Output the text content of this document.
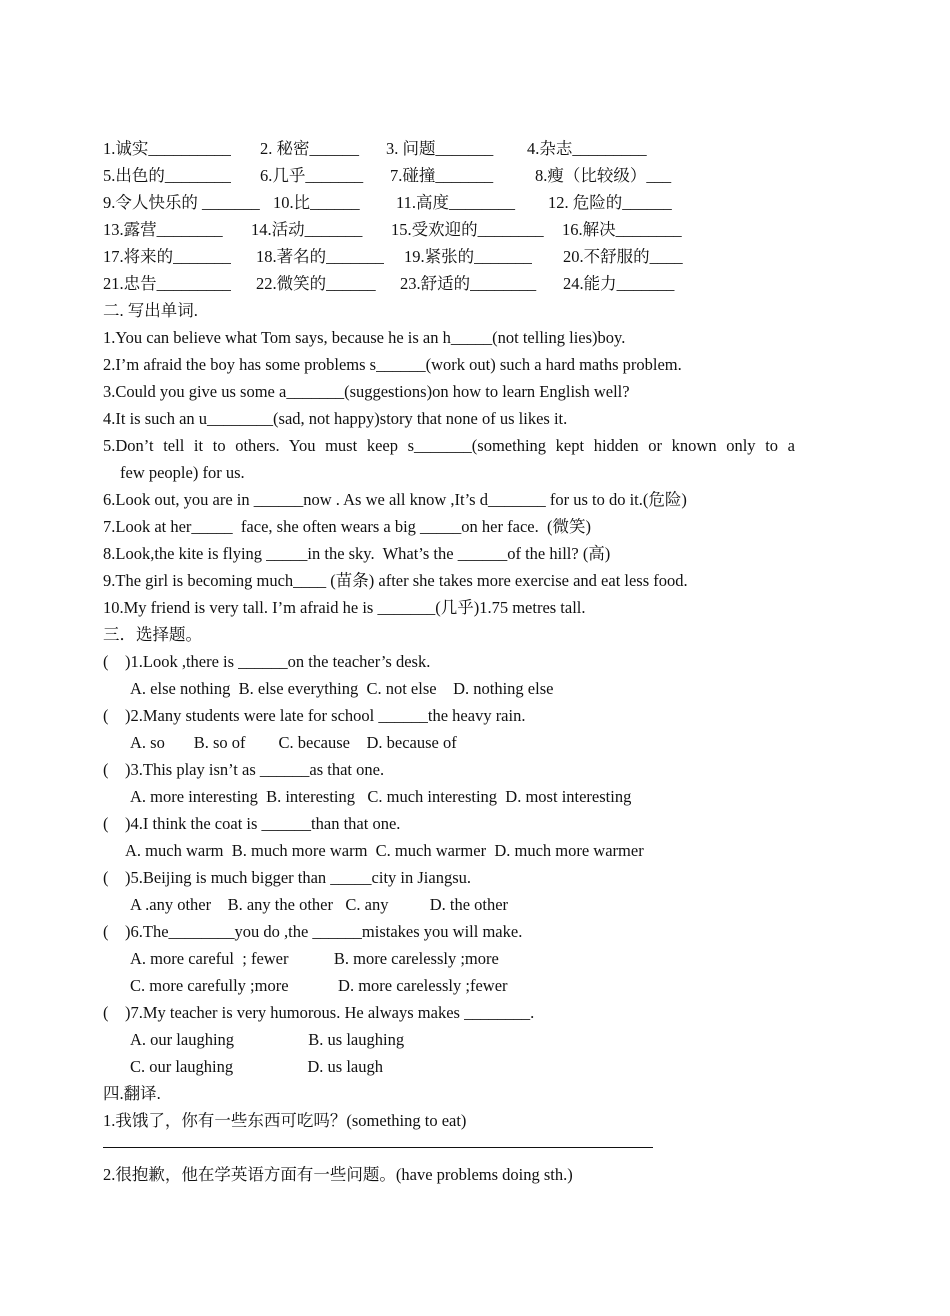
1.诚实__________ 2. 秘密______ 3. 问题_______ 4.杂志_________
5.出色的________ 6.几乎_______ 7.碰撞_______	8.瘦（比较级）___
9.令人快乐的 _______ 10.比______ 11.高度________ 12. 危险的______
13.露营________ 14.活动_______ 15.受欢迎的________ 16.解决________
17.将来的_______ 18.著名的_______ 19.紧张的_______ 20.不舒服的____
21.忠告_________ 22.微笑的______ 23.舒适的________ 24.能力_______
二. 写出单词.
1.You can believe what Tom says, because he is an h_____(not telling lies)boy.
2.I’m afraid the boy has some problems s______(work out) such a hard maths problem.
3.Could you give us some a_______(suggestions)on how to learn English well?
4.It is such an u________(sad, not happy)story that none of us likes it.
5.Don’t tell it to others. You must keep s_______(something kept hidden or known only to a
few people) for us.
6.Look out, you are in ______now . As we all know ,It’s d_______ for us to do it.(危险)
7.Look at her_____  face, she often wears a big _____on her face.  (微笑)
8.Look,the kite is flying _____in the sky.  What’s the ______of the hill? (高)
9.The girl is becoming much____ (苗条) after she takes more exercise and eat less food.
10.My friend is very tall. I’m afraid he is _______(几乎)1.75 metres tall.
三．选择题。
(    )1.Look ,there is ______on the teacher’s desk.
A. else nothing  B. else everything  C. not else    D. nothing else
(    )2.Many students were late for school ______the heavy rain.
A. so       B. so of        C. because    D. because of
(    )3.This play isn’t as ______as that one.
A. more interesting  B. interesting   C. much interesting  D. most interesting
(    )4.I think the coat is ______than that one.
A. much warm  B. much more warm  C. much warmer  D. much more warmer
(    )5.Beijing is much bigger than _____city in Jiangsu.
A .any other    B. any the other   C. any          D. the other
(    )6.The________you do ,the ______mistakes you will make.
A. more careful  ; fewer           B. more carelessly ;more
C. more carefully ;more            D. more carelessly ;fewer
(    )7.My teacher is very humorous. He always makes ________.
A. our laughing                  B. us laughing
C. our laughing                  D. us laugh
四.翻译.
1.我饿了，你有一些东西可吃吗？(something to eat)
2.很抱歉，他在学英语方面有一些问题。(have problems doing sth.)
